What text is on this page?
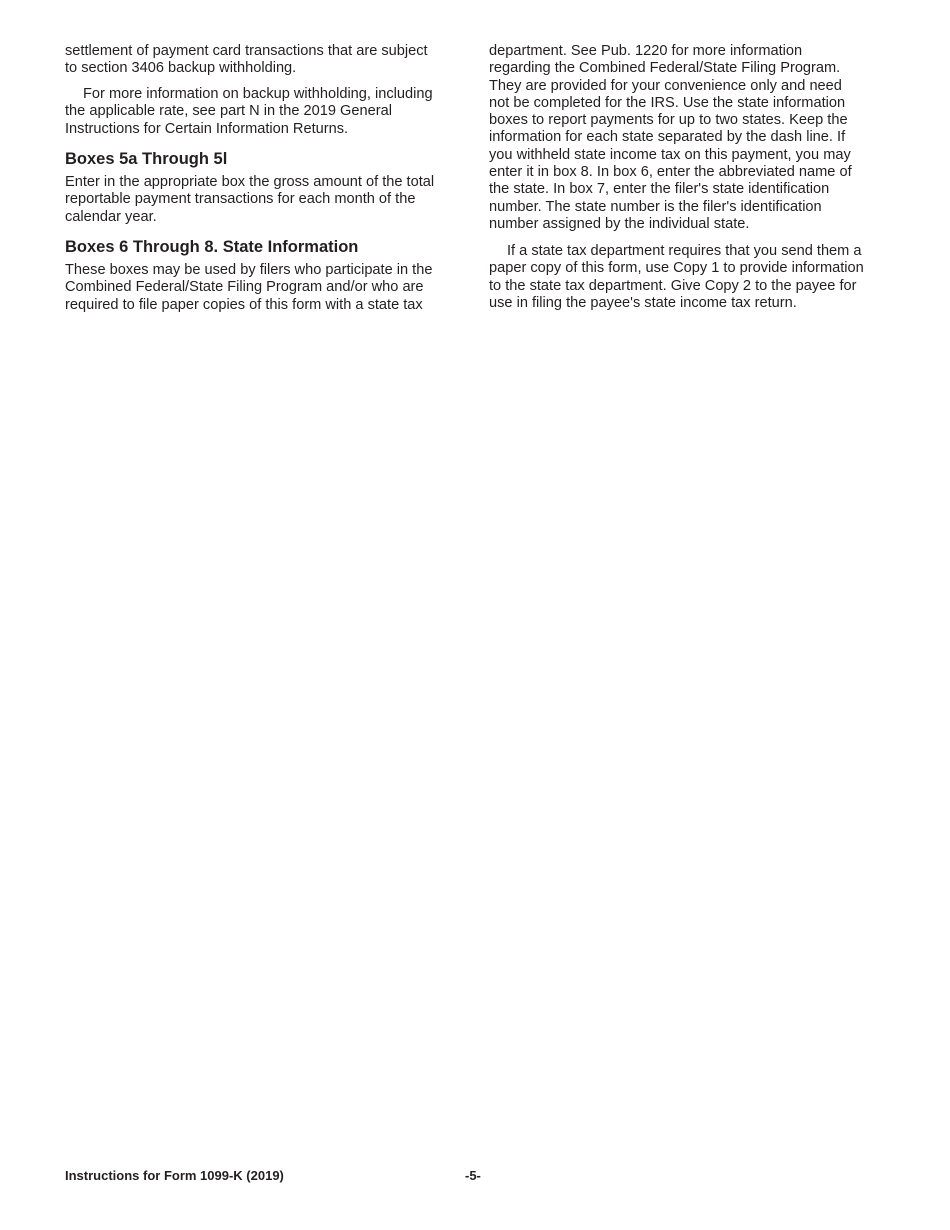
settlement of payment card transactions that are subject
to section 3406 backup withholding.
For more information on backup withholding, including
the applicable rate, see part N in the 2019 General
Instructions for Certain Information Returns.
Boxes 5a Through 5l
Enter in the appropriate box the gross amount of the total
reportable payment transactions for each month of the
calendar year.
Boxes 6 Through 8. State Information
These boxes may be used by filers who participate in the
Combined Federal/State Filing Program and/or who are
required to file paper copies of this form with a state tax
department. See Pub. 1220 for more information
regarding the Combined Federal/State Filing Program.
They are provided for your convenience only and need
not be completed for the IRS. Use the state information
boxes to report payments for up to two states. Keep the
information for each state separated by the dash line. If
you withheld state income tax on this payment, you may
enter it in box 8. In box 6, enter the abbreviated name of
the state. In box 7, enter the filer's state identification
number. The state number is the filer's identification
number assigned by the individual state.
If a state tax department requires that you send them a
paper copy of this form, use Copy 1 to provide information
to the state tax department. Give Copy 2 to the payee for
use in filing the payee's state income tax return.
Instructions for Form 1099-K (2019)	-5-
